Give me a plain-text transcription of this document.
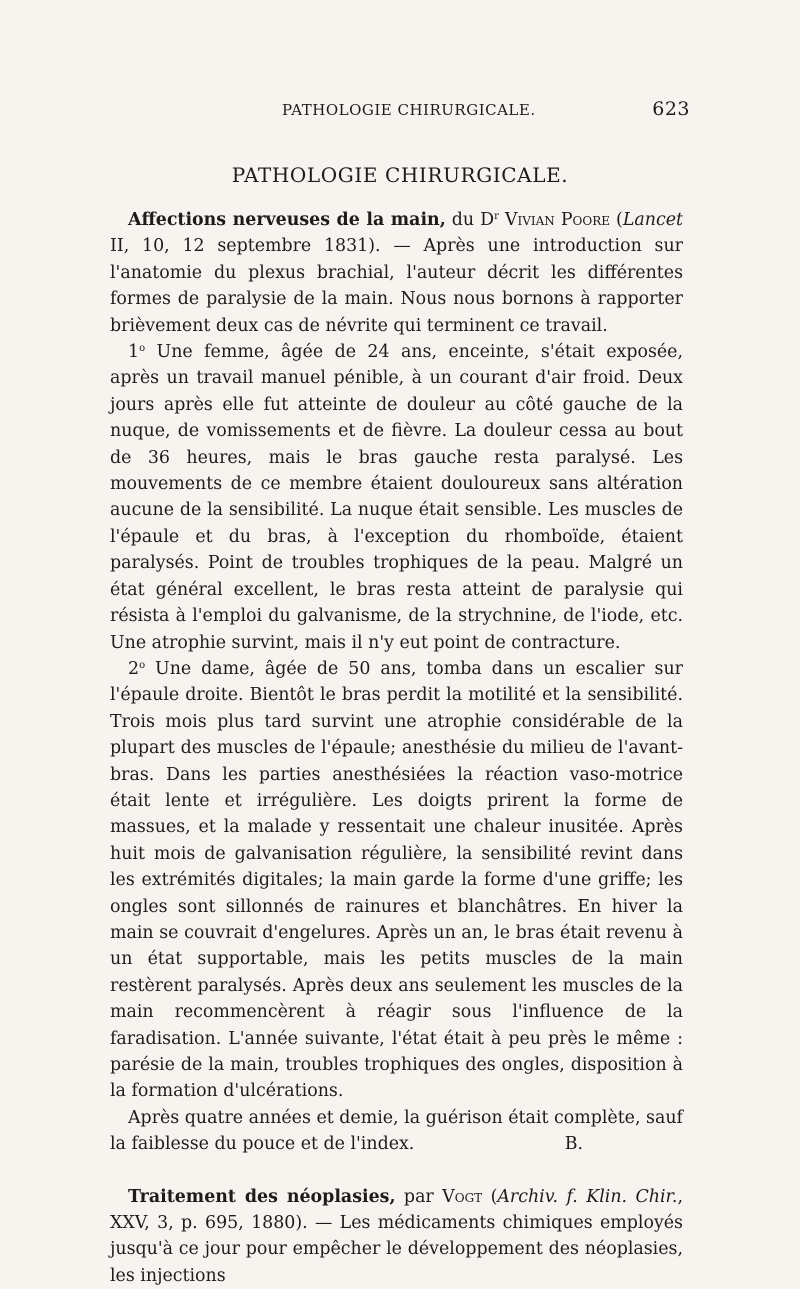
PATHOLOGIE CHIRURGICALE.	623
PATHOLOGIE CHIRURGICALE.

Affections nerveuses de la main, du $D^r$ Vivian Poore (Lancet II, 10, 12 septembre 1831). — Après une introduction sur l'anatomie du plexus brachial, l'auteur décrit les différentes formes de paralysie de la main. Nous nous bornons à rapporter brièvement deux cas de névrite qui terminent ce travail.

1$^o$ Une femme, âgée de 24 ans, enceinte, s'était exposée, après un travail manuel pénible, à un courant d'air froid. Deux jours après elle fut atteinte de douleur au côté gauche de la nuque, de vomissements et de fièvre. La douleur cessa au bout de 36 heures, mais le bras gauche resta paralysé. Les mouvements de ce membre étaient douloureux sans altération aucune de la sensibilité. La nuque était sensible. Les muscles de l'épaule et du bras, à l'exception du rhomboïde, étaient paralysés. Point de troubles trophiques de la peau. Malgré un état général excellent, le bras resta atteint de paralysie qui résista à l'emploi du galvanisme, de la strychnine, de l'iode, etc. Une atrophie survint, mais il n'y eut point de contracture.

2$^o$ Une dame, âgée de 50 ans, tomba dans un escalier sur l'épaule droite. Bientôt le bras perdit la motilité et la sensibilité. Trois mois plus tard survint une atrophie considérable de la plupart des muscles de l'épaule; anesthésie du milieu de l'avant-bras. Dans les parties anesthésiées la réaction vaso-motrice était lente et irrégulière. Les doigts prirent la forme de massues, et la malade y ressentait une chaleur inusitée. Après huit mois de galvanisation régulière, la sensibilité revint dans les extrémités digitales; la main garde la forme d'une griffe; les ongles sont sillonnés de rainures et blanchâtres. En hiver la main se couvrait d'engelures. Après un an, le bras était revenu à un état supportable, mais les petits muscles de la main restèrent paralysés. Après deux ans seulement les muscles de la main recommencèrent à réagir sous l'influence de la faradisation. L'année suivante, l'état était à peu près le même : parésie de la main, troubles trophiques des ongles, disposition à la formation d'ulcérations.

Après quatre années et demie, la guérison était complète, sauf la faiblesse du pouce et de l'index.	B.

Traitement des néoplasies, par Vogt (Archiv. f. Klin. Chir., XXV, 3, p. 695, 1880). — Les médicaments chimiques employés jusqu'à ce jour pour empêcher le développement des néoplasies, les injections
